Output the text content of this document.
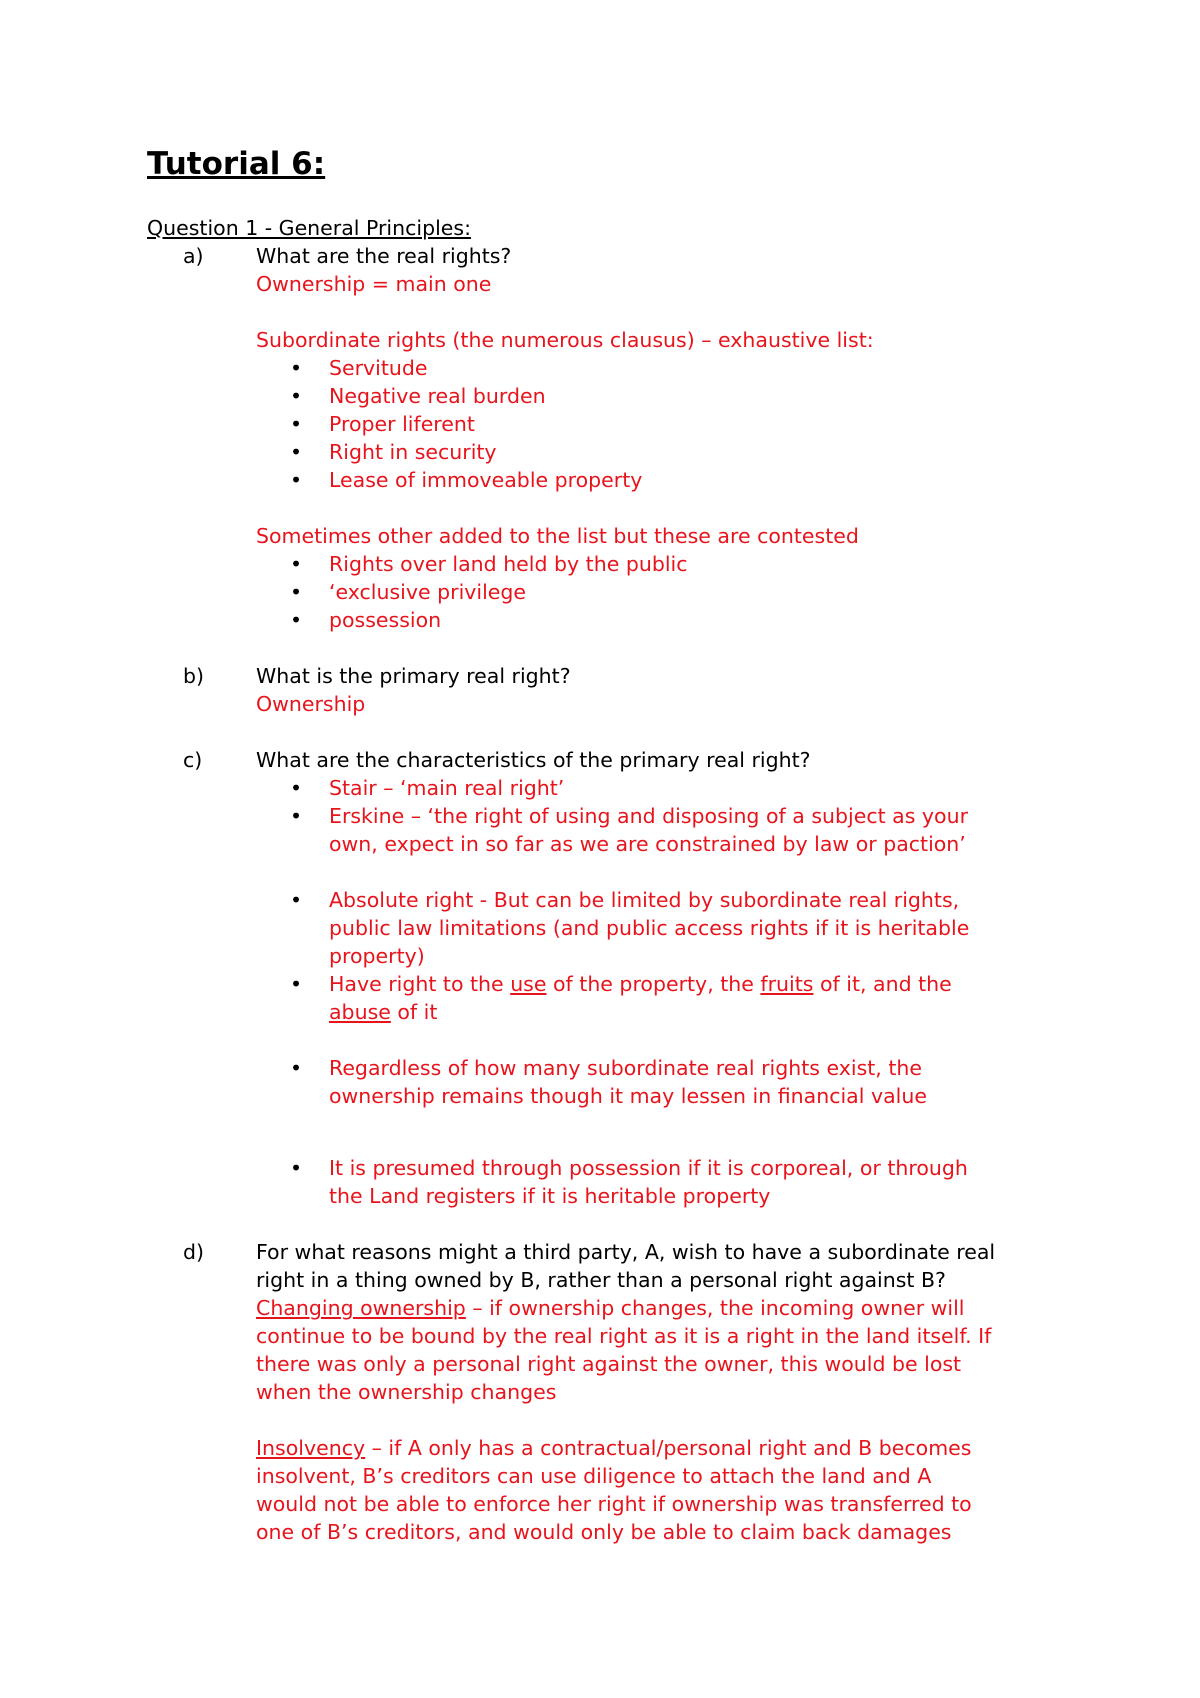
Tutorial 6:
Question 1 - General Principles:
a)	What are the real rights?
Ownership = main one
Subordinate rights (the numerous clausus) – exhaustive list:
• Servitude
• Negative real burden
• Proper liferent
• Right in security
• Lease of immoveable property
Sometimes other added to the list but these are contested
• Rights over land held by the public
• ‘exclusive privilege
• possession
b)	What is the primary real right?
Ownership
c)	What are the characteristics of the primary real right?
• Stair – ‘main real right’
• Erskine – ‘the right of using and disposing of a subject as your
own, expect in so far as we are constrained by law or paction’
• Absolute right - But can be limited by subordinate real rights,
public law limitations (and public access rights if it is heritable
property)
• Have right to the use of the property, the fruits of it, and the
abuse of it
• Regardless of how many subordinate real rights exist, the
ownership remains though it may lessen in financial value
• It is presumed through possession if it is corporeal, or through
the Land registers if it is heritable property
d)	For what reasons might a third party, A, wish to have a subordinate real
right in a thing owned by B, rather than a personal right against B?
Changing ownership – if ownership changes, the incoming owner will
continue to be bound by the real right as it is a right in the land itself. If
there was only a personal right against the owner, this would be lost
when the ownership changes
Insolvency – if A only has a contractual/personal right and B becomes
insolvent, B’s creditors can use diligence to attach the land and A
would not be able to enforce her right if ownership was transferred to
one of B’s creditors, and would only be able to claim back damages
